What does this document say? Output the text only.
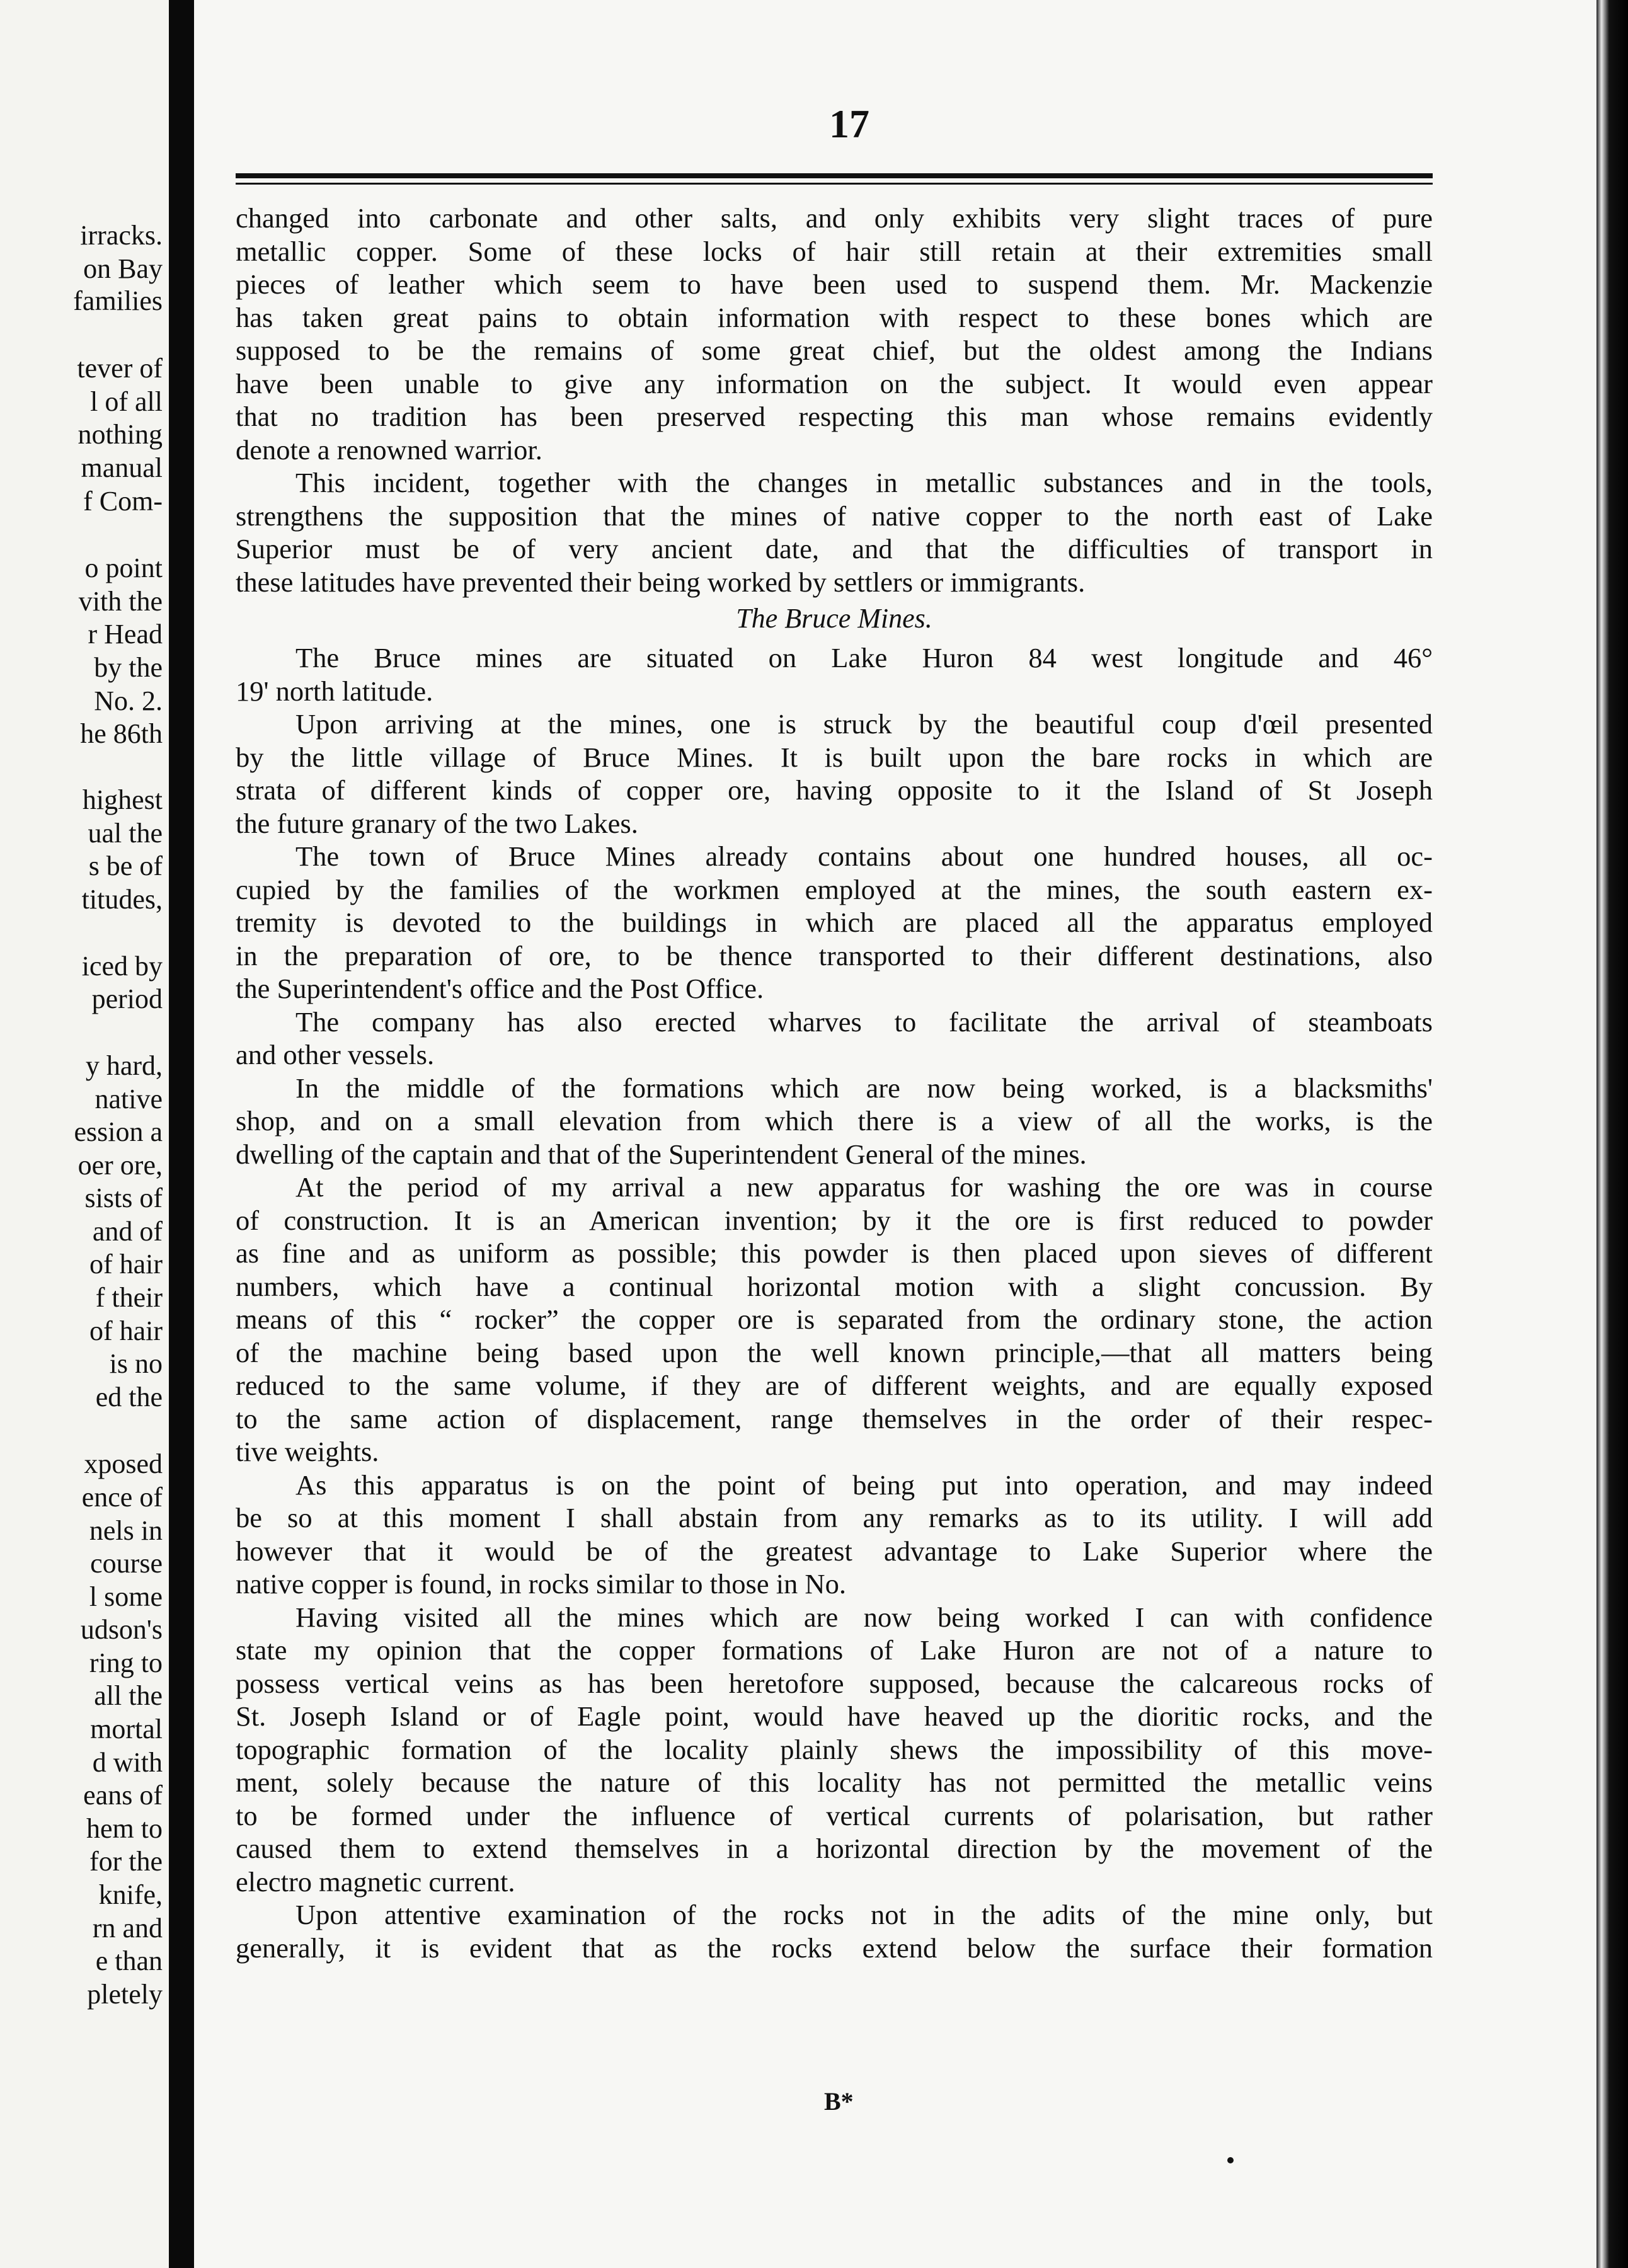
irracks.
on Bay
families
tever of
l of all
nothing
manual
f Com-
o point
vith the
r Head
by the
No. 2.
he 86th
highest
ual the
s be of
titudes,
iced by
period
y hard,
native
ession a
oer ore,
sists of
and of
of hair
f their
of hair
is no
ed the
xposed
ence of
nels in
course
l some
udson's
ring to
all the
mortal
d with
eans of
hem to
for the
knife,
rn and
e than
pletely
17
changed into carbonate and other salts, and only exhibits very slight traces of pure
metallic copper. Some of these locks of hair still retain at their extremities small
pieces of leather which seem to have been used to suspend them. Mr. Mackenzie
has taken great pains to obtain information with respect to these bones which are
supposed to be the remains of some great chief, but the oldest among the Indians
have been unable to give any information on the subject. It would even appear
that no tradition has been preserved respecting this man whose remains evidently
denote a renowned warrior.
This incident, together with the changes in metallic substances and in the tools,
strengthens the supposition that the mines of native copper to the north east of Lake
Superior must be of very ancient date, and that the difficulties of transport in
these latitudes have prevented their being worked by settlers or immigrants.
The Bruce Mines.
The Bruce mines are situated on Lake Huron 84 west longitude and 46°
19' north latitude.
Upon arriving at the mines, one is struck by the beautiful coup d'œil presented
by the little village of Bruce Mines. It is built upon the bare rocks in which are
strata of different kinds of copper ore, having opposite to it the Island of St Joseph
the future granary of the two Lakes.
The town of Bruce Mines already contains about one hundred houses, all oc-
cupied by the families of the workmen employed at the mines, the south eastern ex-
tremity is devoted to the buildings in which are placed all the apparatus employed
in the preparation of ore, to be thence transported to their different destinations, also
the Superintendent's office and the Post Office.
The company has also erected wharves to facilitate the arrival of steamboats
and other vessels.
In the middle of the formations which are now being worked, is a blacksmiths'
shop, and on a small elevation from which there is a view of all the works, is the
dwelling of the captain and that of the Superintendent General of the mines.
At the period of my arrival a new apparatus for washing the ore was in course
of construction. It is an American invention; by it the ore is first reduced to powder
as fine and as uniform as possible; this powder is then placed upon sieves of different
numbers, which have a continual horizontal motion with a slight concussion. By
means of this “ rocker” the copper ore is separated from the ordinary stone, the action
of the machine being based upon the well known principle,—that all matters being
reduced to the same volume, if they are of different weights, and are equally exposed
to the same action of displacement, range themselves in the order of their respec-
tive weights.
As this apparatus is on the point of being put into operation, and may indeed
be so at this moment I shall abstain from any remarks as to its utility. I will add
however that it would be of the greatest advantage to Lake Superior where the
native copper is found, in rocks similar to those in No.
Having visited all the mines which are now being worked I can with confidence
state my opinion that the copper formations of Lake Huron are not of a nature to
possess vertical veins as has been heretofore supposed, because the calcareous rocks of
St. Joseph Island or of Eagle point, would have heaved up the dioritic rocks, and the
topographic formation of the locality plainly shews the impossibility of this move-
ment, solely because the nature of this locality has not permitted the metallic veins
to be formed under the influence of vertical currents of polarisation, but rather
caused them to extend themselves in a horizontal direction by the movement of the
electro magnetic current.
Upon attentive examination of the rocks not in the adits of the mine only, but
generally, it is evident that as the rocks extend below the surface their formation
B*
